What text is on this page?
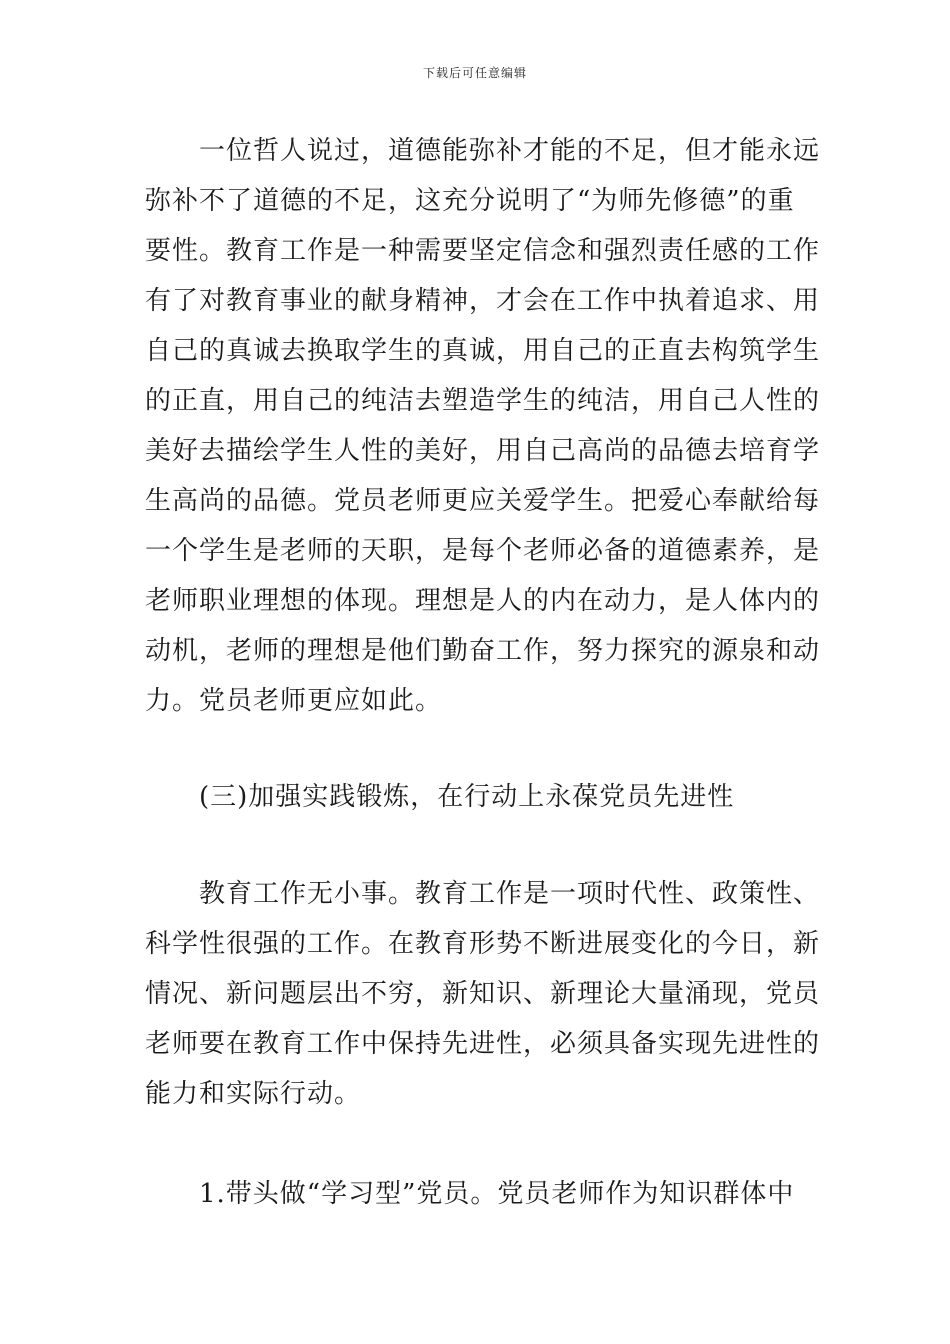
下载后可任意编辑
　　一位哲人说过，道德能弥补才能的不足，但才能永远
弥补不了道德的不足，这充分说明了“为师先修德”的重
要性。教育工作是一种需要坚定信念和强烈责任感的工作
有了对教育事业的献身精神，才会在工作中执着追求、用
自己的真诚去换取学生的真诚，用自己的正直去构筑学生
的正直，用自己的纯洁去塑造学生的纯洁，用自己人性的
美好去描绘学生人性的美好，用自己高尚的品德去培育学
生高尚的品德。党员老师更应关爱学生。把爱心奉献给每
一个学生是老师的天职，是每个老师必备的道德素养，是
老师职业理想的体现。理想是人的内在动力，是人体内的
动机，老师的理想是他们勤奋工作，努力探究的源泉和动
力。党员老师更应如此。
　　(三)加强实践锻炼，在行动上永葆党员先进性
　　教育工作无小事。教育工作是一项时代性、政策性、
科学性很强的工作。在教育形势不断进展变化的今日，新
情况、新问题层出不穷，新知识、新理论大量涌现，党员
老师要在教育工作中保持先进性，必须具备实现先进性的
能力和实际行动。
　　1.带头做“学习型”党员。党员老师作为知识群体中
